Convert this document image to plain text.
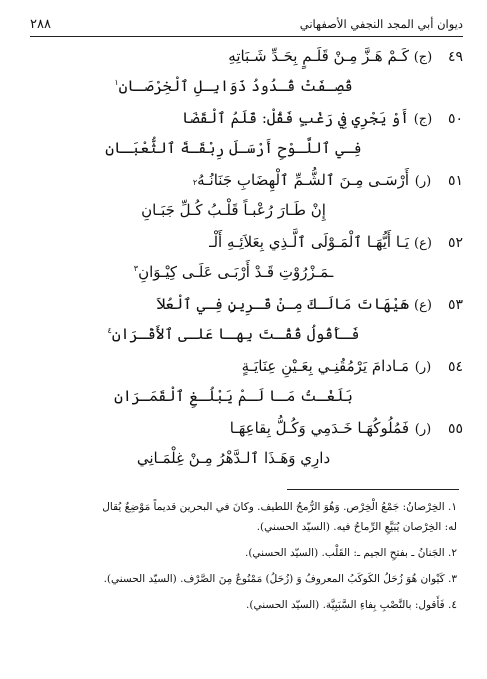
ديوان أبي المجد النجفي الأصفهاني
٢٨٨
٤٩
(ج)
كَـمْ هَـزَّ مِـنْ قَلَـمٍ بِحَـدِّ شَـبَاتِهِ
قُصِـفَتْ قُـدُودُ ذَوَابِـلِ ٱلْخِرْصَـانِ$^١$
٥٠
(ج)
أَوْ يَجْرِي فِي رَغْبٍ فَقُلْ: قَلَمُ ٱلْقَضَا
فِـي ٱللَّـوْحِ أَرْسَـلَ رِبْقَـةَ ٱلثُّعْبَـانِ
٥١
(ر)
أَرْسَـى مِـنَ ٱلشُّـمِّ ٱلْهِضَابِ جَنَانُـهُ
٢
إِنْ طَـارَ رُعْبـاً قَلْـبُ كُـلِّ جَبَـانِ
٥٢
(ع)
يَـا أَيُّهَـا ٱلْمَـوْلَى ٱلَّـذِي بِعَلاَئِـهِ أَلْـ
ـمَـزْرُوْتِ قَـدْ أَرْبَـى عَلَـى كِيْـوَانِ$^٣$
٥٣
(ع)
هَيْهَاتَ مَالَـكَ مِـنْ قَـرِينٍ فِـي ٱلْعُلاَ
فَـأَقُولُ قُقْـتَ بِهـا عَلـى ٱلأَقْـرَانِ$^٤$
٥٤
(ر)
مَـادامَ يَرْمُقُنِـي بِعَـيْنِ عِنَايَـةٍ
بَلَغْـتُ مَـا لَـمْ يَبْلُـغِ ٱلْقَمَـرَانِ
٥٥
(ر)
فَمُلُوكُهَـا خَـدَمِي وَكُـلُّ بِقاعِهَـا
دارِي وَهَـذَا ٱلـدَّهْرُ مِـنْ غِلْمَـانِي
١. الخِرْصانُ: جَمْعُ الْخِرْص. وَهُوَ الرُّمحُ اللطيف. وكانَ في البحرين قديماً مَوْضِعٌ يُقال
له: الخِرْصان يُبَيَّعِ الرِّماحُ فيه. (السيّد الحسني).
٢. الجَنانُ ـ بفتحِ الجيم ـ: القَلْب. (السيّد الحسني).
٣. كَيْوان هُوَ زُحَلُ الكَوكَبُ المعروفُ وَ (زُحَلُ) مَمْنُوعٌ مِنَ الصَّرْف. (السيّد الحسني).
٤. فَأَقول: بالنَّصْبِ بِفاءِ السَّبَبِيَّة. (السيّد الحسني).
